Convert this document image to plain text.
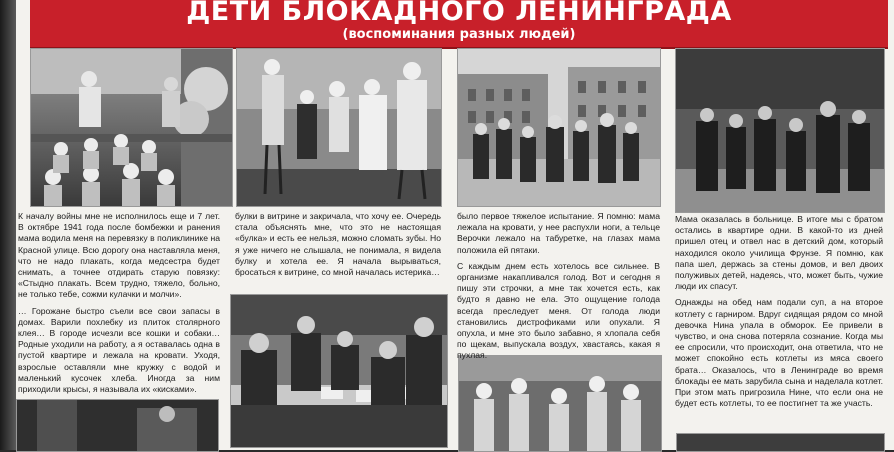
ДЕТИ БЛОКАДНОГО ЛЕНИНГРАДА
(воспоминания разных людей)

К началу войны мне не исполнилось еще и 7 лет. В октябре 1941 года после бомбежки и ранения мама водила меня на перевязку в поликлинике на Красной улице. Всю дорогу она наставляла меня, что не надо плакать, когда медсестра будет снимать, а точнее отдирать старую повязку: «Стыдно плакать. Всем трудно, тяжело, больно, не только тебе, сожми кулачки и молчи».

… Горожане быстро съели все свои запасы в домах. Варили похлебку из плиток столярного клея… В городе исчезли все кошки и собаки… Родные уходили на работу, а я оставалась одна в пустой квартире и лежала на кровати. Уходя, взрослые оставляли мне кружку с водой и маленький кусочек хлеба. Иногда за ним приходили крысы, я называла их «кисками».

булки в витрине и закричала, что хочу ее. Очередь стала объяснять мне, что это не настоящая «булка» и есть ее нельзя, можно сломать зубы. Но я уже ничего не слышала, не понимала, я видела булку и хотела ее. Я начала вырываться, бросаться к витрине, со мной началась истерика…

было первое тяжелое испытание. Я помню: мама лежала на кровати, у нее распухли ноги, а тельце Верочки лежало на табуретке, на глазах мама положила ей пятаки.

С каждым днем есть хотелось все сильнее. В организме накапливался голод. Вот и сегодня я пишу эти строчки, а мне так хочется есть, как будто я давно не ела. Это ощущение голода всегда преследует меня. От голода люди становились дистрофиками или опухали. Я опухла, и мне это было забавно, я хлопала себя по щекам, выпускала воздух, хвастаясь, какая я пухлая.

Мама оказалась в больнице. В итоге мы с братом остались в квартире одни. В какой-то из дней пришел отец и отвел нас в детский дом, который находился около училища Фрунзе. Я помню, как папа шел, держась за стены домов, и вел двоих полуживых детей, надеясь, что, может быть, чужие люди их спасут.

Однажды на обед нам подали суп, а на второе котлету с гарниром. Вдруг сидящая рядом со мной девочка Нина упала в обморок. Ее привели в чувство, и она снова потеряла сознание. Когда мы ее спросили, что происходит, она ответила, что не может спокойно есть котлеты из мяса своего брата… Оказалось, что в Ленинграде во время блокады ее мать зарубила сына и наделала котлет. При этом мать пригрозила Нине, что если она не будет есть котлеты, то ее постигнет та же участь.
